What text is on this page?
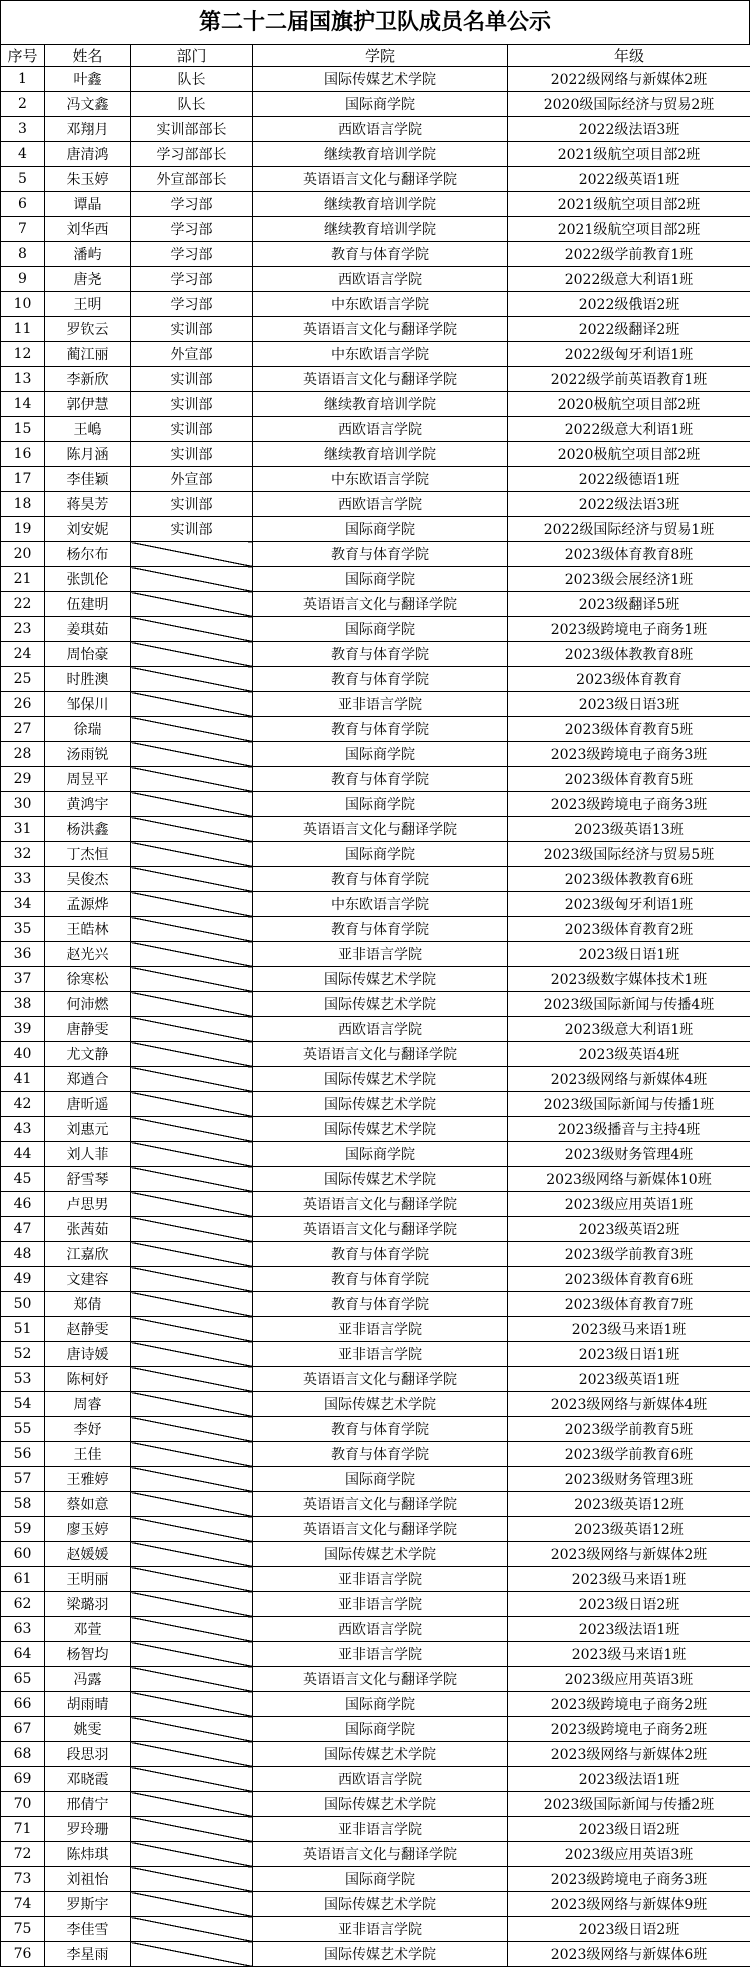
第二十二届国旗护卫队成员名单公示
序号	姓名	部门	学院	年级
1	叶鑫	队长	国际传媒艺术学院	2022级网络与新媒体2班
2	冯文鑫	队长	国际商学院	2020级国际经济与贸易2班
3	邓翔月	实训部部长	西欧语言学院	2022级法语3班
4	唐清鸿	学习部部长	继续教育培训学院	2021级航空项目部2班
5	朱玉婷	外宣部部长	英语语言文化与翻译学院	2022级英语1班
6	谭晶	学习部	继续教育培训学院	2021级航空项目部2班
7	刘华西	学习部	继续教育培训学院	2021级航空项目部2班
8	潘屿	学习部	教育与体育学院	2022级学前教育1班
9	唐尧	学习部	西欧语言学院	2022级意大利语1班
10	王明	学习部	中东欧语言学院	2022级俄语2班
11	罗钦云	实训部	英语语言文化与翻译学院	2022级翻译2班
12	蔺江丽	外宣部	中东欧语言学院	2022级匈牙利语1班
13	李新欣	实训部	英语语言文化与翻译学院	2022级学前英语教育1班
14	郭伊慧	实训部	继续教育培训学院	2020极航空项目部2班
15	王嶋	实训部	西欧语言学院	2022级意大利语1班
16	陈月涵	实训部	继续教育培训学院	2020极航空项目部2班
17	李佳颖	外宣部	中东欧语言学院	2022级德语1班
18	蒋昊芳	实训部	西欧语言学院	2022级法语3班
19	刘安妮	实训部	国际商学院	2022级国际经济与贸易1班
20	杨尔布		教育与体育学院	2023级体育教育8班
21	张凯伦		国际商学院	2023级会展经济1班
22	伍建明		英语语言文化与翻译学院	2023级翻译5班
23	姜琪茹		国际商学院	2023级跨境电子商务1班
24	周怡豪		教育与体育学院	2023级体教教育8班
25	时胜澳		教育与体育学院	2023级体育教育
26	邹保川		亚非语言学院	2023级日语3班
27	徐瑞		教育与体育学院	2023级体育教育5班
28	汤雨锐		国际商学院	2023级跨境电子商务3班
29	周昱平		教育与体育学院	2023级体育教育5班
30	黄鸿宇		国际商学院	2023级跨境电子商务3班
31	杨洪鑫		英语语言文化与翻译学院	2023级英语13班
32	丁杰恒		国际商学院	2023级国际经济与贸易5班
33	吴俊杰		教育与体育学院	2023级体教教育6班
34	孟源烨		中东欧语言学院	2023级匈牙利语1班
35	王皓林		教育与体育学院	2023级体育教育2班
36	赵光兴		亚非语言学院	2023级日语1班
37	徐寒松		国际传媒艺术学院	2023级数字媒体技术1班
38	何沛燃		国际传媒艺术学院	2023级国际新闻与传播4班
39	唐静雯		西欧语言学院	2023级意大利语1班
40	尤文静		英语语言文化与翻译学院	2023级英语4班
41	郑遒合		国际传媒艺术学院	2023级网络与新媒体4班
42	唐昕遥		国际传媒艺术学院	2023级国际新闻与传播1班
43	刘惠元		国际传媒艺术学院	2023级播音与主持4班
44	刘人菲		国际商学院	2023级财务管理4班
45	舒雪琴		国际传媒艺术学院	2023级网络与新媒体10班
46	卢思男		英语语言文化与翻译学院	2023级应用英语1班
47	张茜茹		英语语言文化与翻译学院	2023级英语2班
48	江嘉欣		教育与体育学院	2023级学前教育3班
49	文建容		教育与体育学院	2023级体育教育6班
50	郑倩		教育与体育学院	2023级体育教育7班
51	赵静雯		亚非语言学院	2023级马来语1班
52	唐诗媛		亚非语言学院	2023级日语1班
53	陈柯妤		英语语言文化与翻译学院	2023级英语1班
54	周睿		国际传媒艺术学院	2023级网络与新媒体4班
55	李妤		教育与体育学院	2023级学前教育5班
56	王佳		教育与体育学院	2023级学前教育6班
57	王雅婷		国际商学院	2023级财务管理3班
58	蔡如意		英语语言文化与翻译学院	2023级英语12班
59	廖玉婷		英语语言文化与翻译学院	2023级英语12班
60	赵媛媛		国际传媒艺术学院	2023级网络与新媒体2班
61	王明丽		亚非语言学院	2023级马来语1班
62	梁璐羽		亚非语言学院	2023级日语2班
63	邓萱		西欧语言学院	2023级法语1班
64	杨智均		亚非语言学院	2023级马来语1班
65	冯露		英语语言文化与翻译学院	2023级应用英语3班
66	胡雨晴		国际商学院	2023级跨境电子商务2班
67	姚雯		国际商学院	2023级跨境电子商务2班
68	段思羽		国际传媒艺术学院	2023级网络与新媒体2班
69	邓晓霞		西欧语言学院	2023级法语1班
70	邢倩宁		国际传媒艺术学院	2023级国际新闻与传播2班
71	罗玲珊		亚非语言学院	2023级日语2班
72	陈炜琪		英语语言文化与翻译学院	2023级应用英语3班
73	刘祖怡		国际商学院	2023级跨境电子商务3班
74	罗斯宇		国际传媒艺术学院	2023级网络与新媒体9班
75	李佳雪		亚非语言学院	2023级日语2班
76	李星雨		国际传媒艺术学院	2023级网络与新媒体6班
